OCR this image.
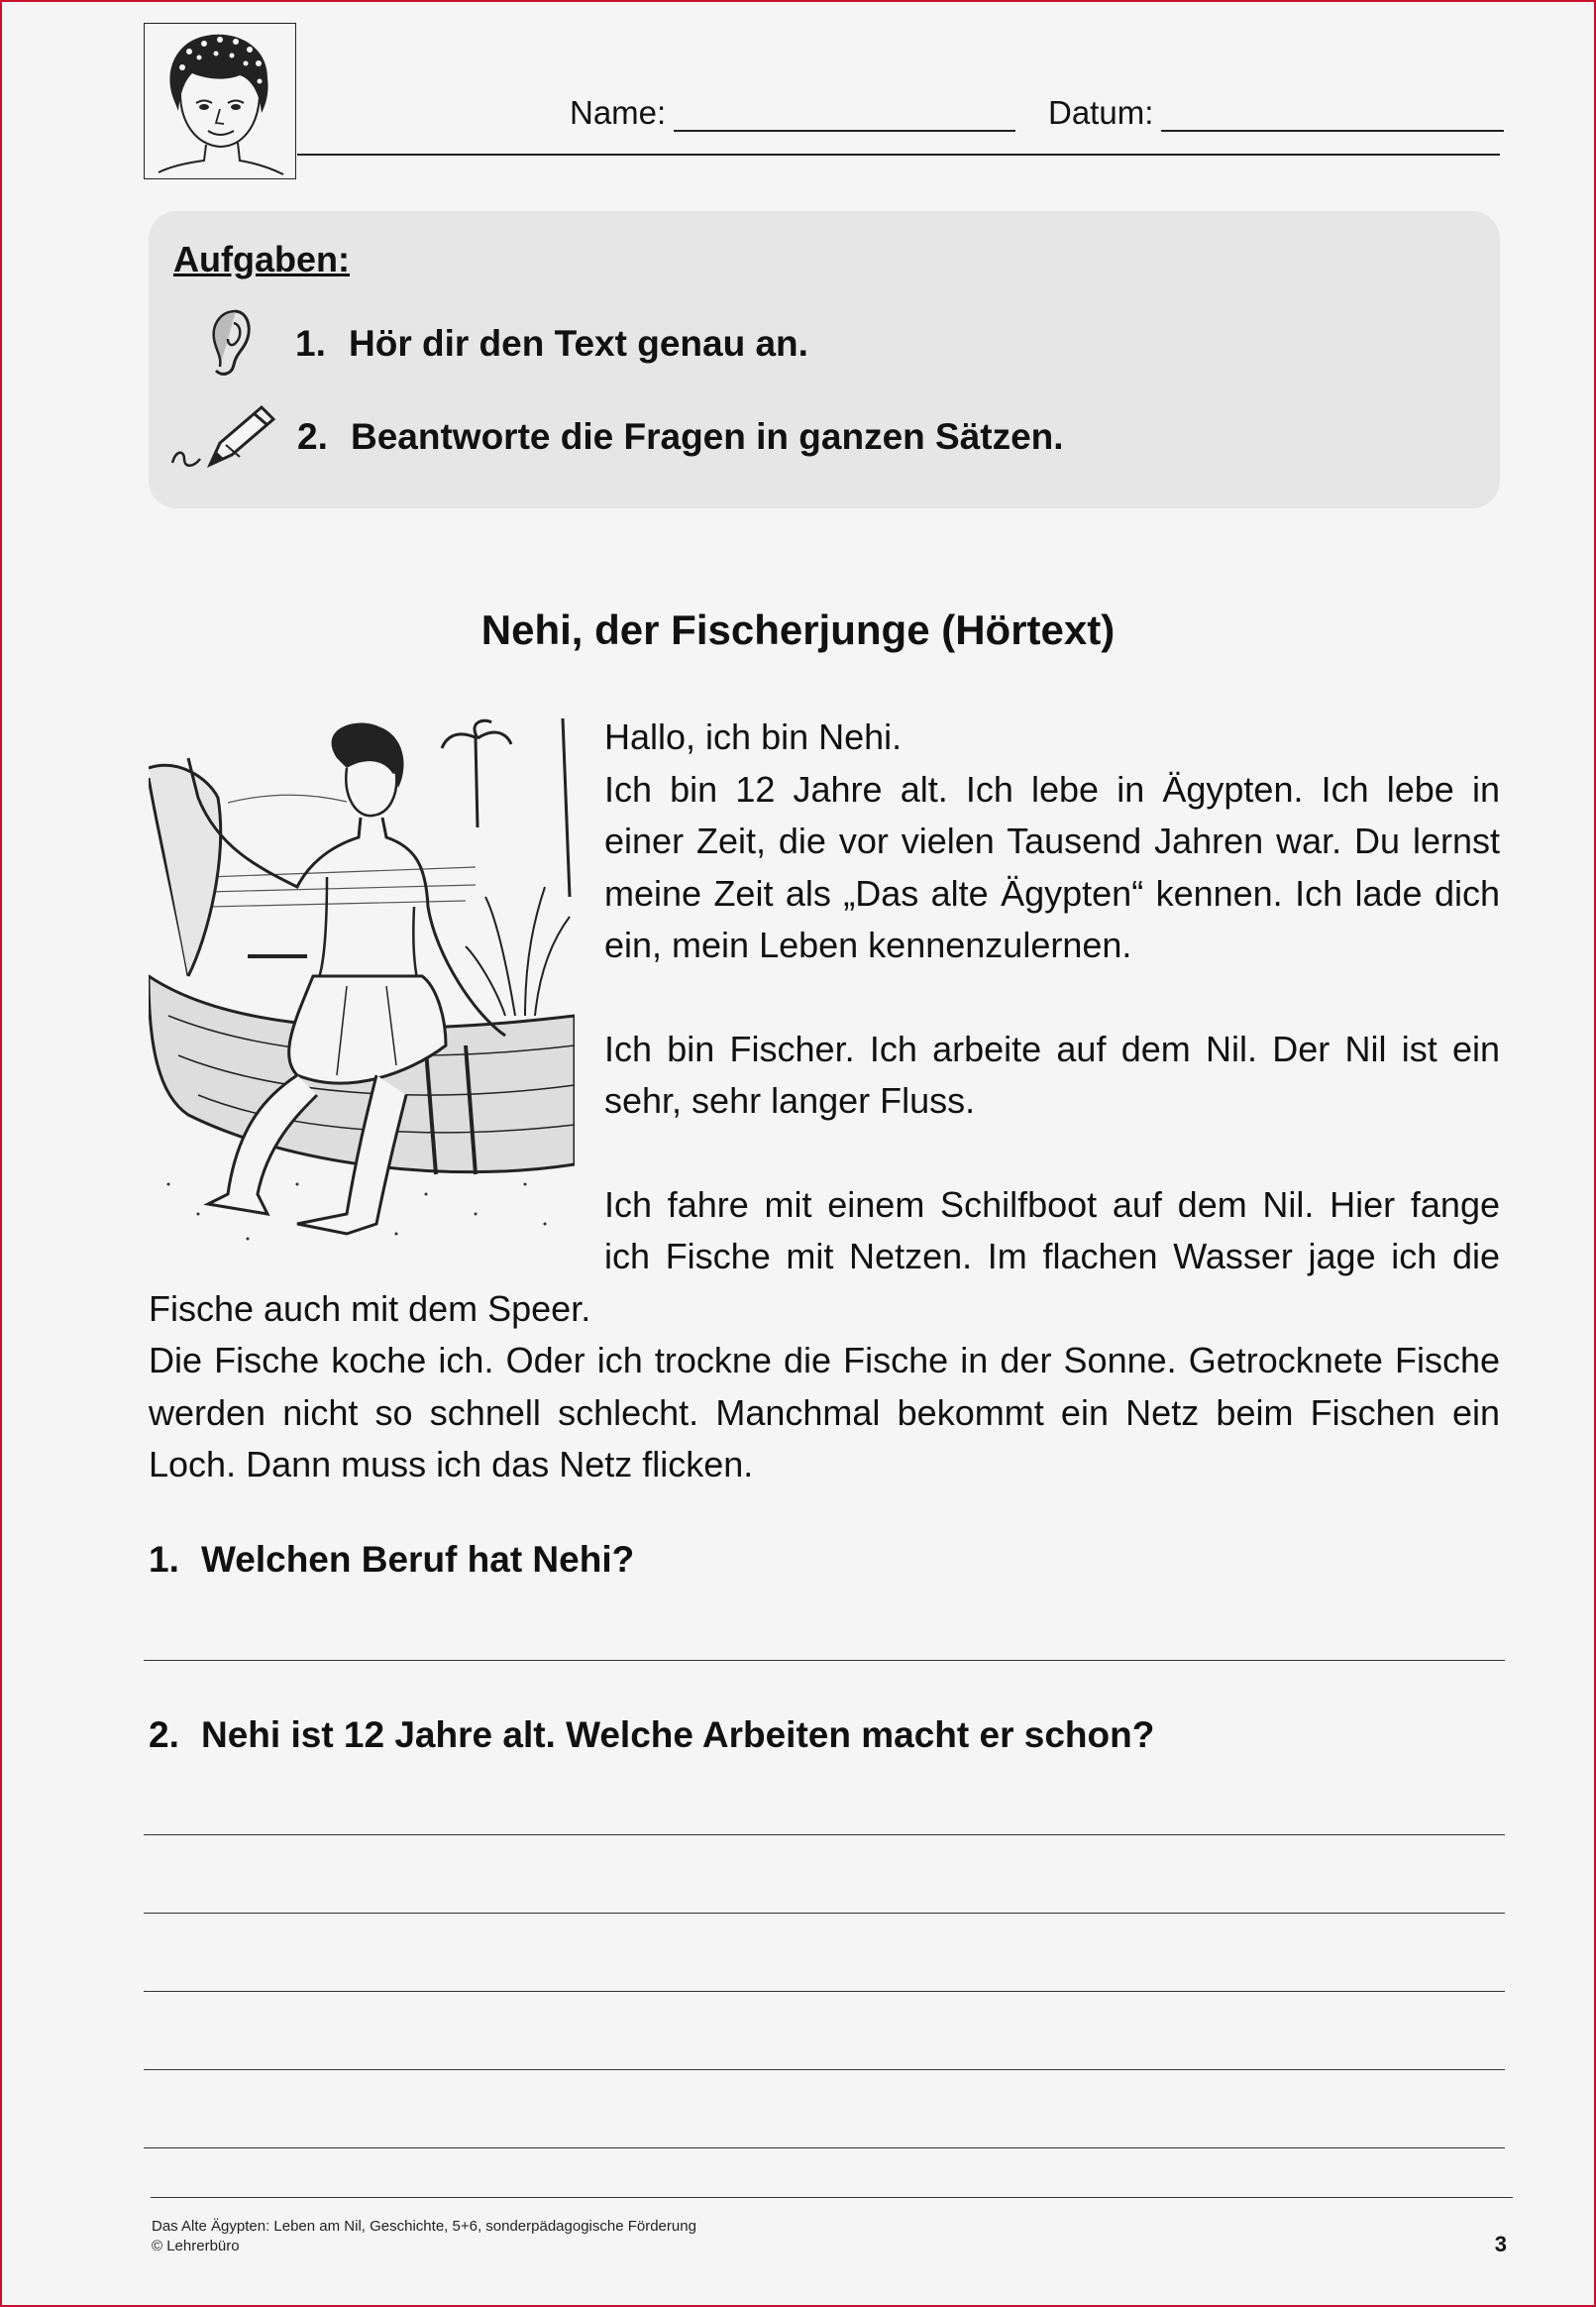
Name:	Datum:
Aufgaben:
1. Hör dir den Text genau an.
2. Beantworte die Fragen in ganzen Sätzen.
Nehi, der Fischerjunge (Hörtext)

Hallo, ich bin Nehi.

Ich bin 12 Jahre alt. Ich lebe in Ägypten. Ich lebe in einer Zeit, die vor vielen Tausend Jahren war. Du lernst meine Zeit als „Das alte Ägypten“ kennen. Ich lade dich ein, mein Leben kennenzulernen.

Ich bin Fischer. Ich arbeite auf dem Nil. Der Nil ist ein sehr, sehr langer Fluss.

Ich fahre mit einem Schilfboot auf dem Nil. Hier fange ich Fische mit Netzen. Im flachen Wasser jage ich die Fische auch mit dem Speer.

Die Fische koche ich. Oder ich trockne die Fische in der Sonne. Getrocknete Fische werden nicht so schnell schlecht. Manchmal bekommt ein Netz beim Fischen ein Loch. Dann muss ich das Netz flicken.

1. Welchen Beruf hat Nehi?
2. Nehi ist 12 Jahre alt. Welche Arbeiten macht er schon?
Das Alte Ägypten: Leben am Nil, Geschichte, 5+6, sonderpädagogische Förderung
© Lehrerbüro	3
